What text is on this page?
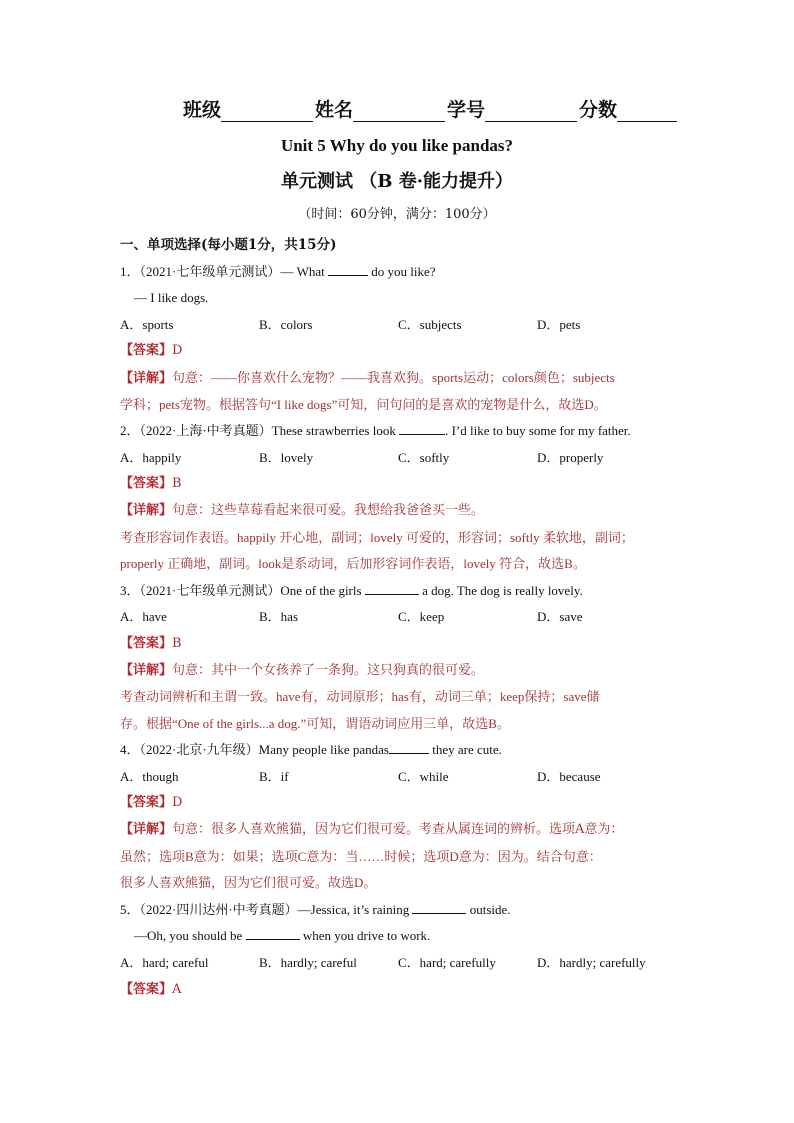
班级	姓名	学号	分数
Unit 5 Why do you like pandas?
单元测试 （B 卷·能力提升）
（时间：60分钟，满分：100分）
一、单项选择(每小题1分，共15分)
1．（2021·七年级单元测试）— What	do you like?
— I like dogs.
A．sports	B．colors	C．subjects	D．pets
【答案】D
【详解】句意：——你喜欢什么宠物？——我喜欢狗。sports运动；colors颜色；subjects
学科；pets宠物。根据答句“I like dogs”可知，问句问的是喜欢的宠物是什么，故选D。
2．（2022·上海·中考真题）These strawberries look	. I’d like to buy some for my father.
A．happily	B．lovely	C．softly	D．properly
【答案】B
【详解】句意：这些草莓看起来很可爱。我想给我爸爸买一些。
考查形容词作表语。happily 开心地，副词；lovely 可爱的，形容词；softly 柔软地，副词；
properly 正确地，副词。look是系动词，后加形容词作表语，lovely 符合，故选B。
3．（2021·七年级单元测试）One of the girls	a dog. The dog is really lovely.
A．have	B．has	C．keep	D．save
【答案】B
【详解】句意：其中一个女孩养了一条狗。这只狗真的很可爱。
考查动词辨析和主谓一致。have有，动词原形；has有，动词三单；keep保持；save储
存。根据“One of the girls...a dog.”可知，谓语动词应用三单，故选B。
4．（2022·北京·九年级）Many people like pandas	they are cute.
A．though	B．if	C．while	D．because
【答案】D
【详解】句意：很多人喜欢熊猫，因为它们很可爱。考查从属连词的辨析。选项A意为：
虽然；选项B意为：如果；选项C意为：当……时候；选项D意为：因为。结合句意：
很多人喜欢熊猫，因为它们很可爱。故选D。
5．（2022·四川达州·中考真题）—Jessica, it’s raining	outside.
—Oh, you should be	when you drive to work.
A．hard; careful	B．hardly; careful	C．hard; carefully	D．hardly; carefully
【答案】A
